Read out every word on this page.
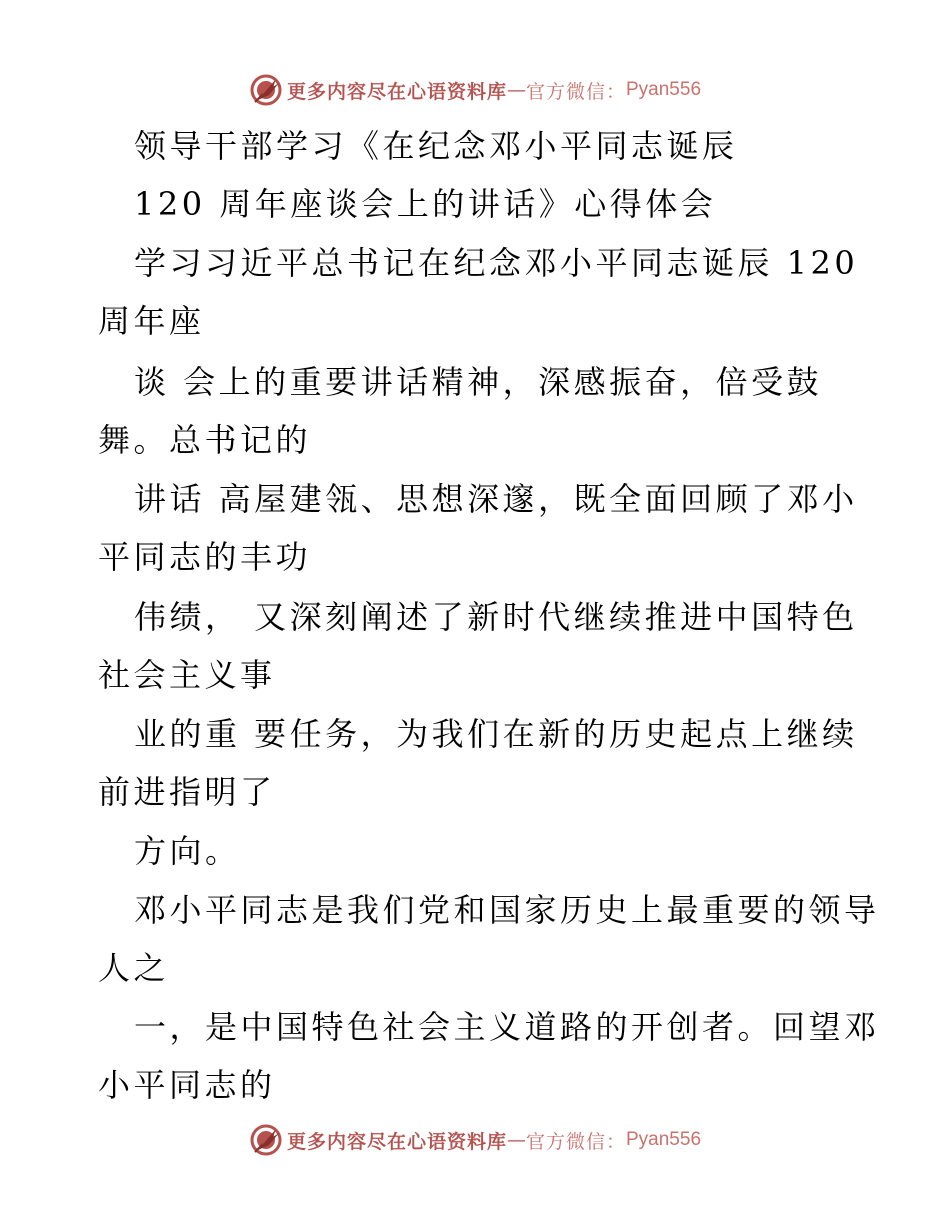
更多内容尽在心语资料库 — 官方微信： Pyan556
领导干部学习《在纪念邓小平同志诞辰
120 周年座谈会上的讲话》心得体会
学习习近平总书记在纪念邓小平同志诞辰 120
周年座
谈 会上的重要讲话精神，深感振奋，倍受鼓
舞。总书记的
讲话 高屋建瓴、思想深邃，既全面回顾了邓小
平同志的丰功
伟绩， 又深刻阐述了新时代继续推进中国特色
社会主义事
业的重 要任务，为我们在新的历史起点上继续
前进指明了
方向。
邓小平同志是我们党和国家历史上最重要的领导
人之
一，是中国特色社会主义道路的开创者。回望邓
小平同志的
更多内容尽在心语资料库 — 官方微信： Pyan556
